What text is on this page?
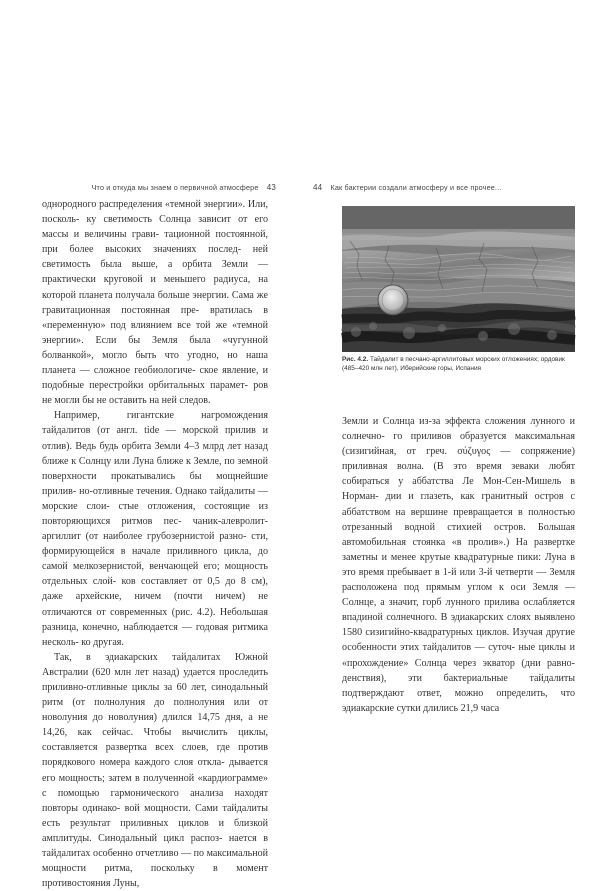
Что и откуда мы знаем о первичной атмосфере 43

однородного распределения «темной энергии». Или, посколь- ку светимость Солнца зависит от его массы и величины грави- тационной постоянной, при более высоких значениях послед- ней светимость была выше, а орбита Земли — практически круговой и меньшего радиуса, на которой планета получала больше энергии. Сама же гравитационная постоянная пре- вратилась в «переменную» под влиянием все той же «темной энергии». Если бы Земля была «чугунной болванкой», могло быть что угодно, но наша планета — сложное геобиологиче- ское явление, и подобные перестройки орбитальных парамет- ров не могли бы не оставить на ней следов.

Например, гигантские нагромождения тайдалитов (от англ. tide — морской прилив и отлив). Ведь будь орбита Земли 4–3 млрд лет назад ближе к Солнцу или Луна ближе к Земле, по земной поверхности прокатывались бы мощнейшие прилив- но-отливные течения. Однако тайдалиты — морские слои- стые отложения, состоящие из повторяющихся ритмов пес- чаник-алевролит-аргиллит (от наиболее грубозернистой разно- сти, формирующейся в начале приливного цикла, до самой мелкозернистой, венчающей его; мощность отдельных слой- ков составляет от 0,5 до 8 см), даже архейские, ничем (почти ничем) не отличаются от современных (рис. 4.2). Небольшая разница, конечно, наблюдается — годовая ритмика несколь- ко другая.

Так, в эдиакарских тайдалитах Южной Австралии (620 млн лет назад) удается проследить приливно-отливные циклы за 60 лет, синодальный ритм (от полнолуния до полнолуния или от новолуния до новолуния) длился 14,75 дня, а не 14,26, как сейчас. Чтобы вычислить циклы, составляется развертка всех слоев, где против порядкового номера каждого слоя откла- дывается его мощность; затем в полученной «кардиограмме» с помощью гармонического анализа находят повторы одинако- вой мощности. Сами тайдалиты есть результат приливных циклов и близкой амплитуды. Синодальный цикл распоз- нается в тайдалитах особенно отчетливо — по максимальной мощности ритма, поскольку в момент противостояния Луны,

44 Как бактерии создали атмосферу и все прочее...
Рис. 4.2. Тайдалит в песчано-аргиллитовых морских отложениях; ордовик (485–420 млн лет), Иберийские горы, Испания

Земли и Солнца из-за эффекта сложения лунного и солнечно- го приливов образуется максимальная (сизигийная, от греч. σύζυγος — сопряжение) приливная волна. (В это время зеваки любят собираться у аббатства Ле Мон-Сен-Мишель в Норман- дии и глазеть, как гранитный остров с аббатством на вершине превращается в полностью отрезанный водной стихией остров. Большая автомобильная стоянка «в пролив».) На развертке заметны и менее крутые квадратурные пики: Луна в это время пребывает в 1-й или 3-й четверти — Земля расположена под прямым углом к оси Земля — Солнце, а значит, горб лунного прилива ослабляется впадиной солнечного. В эдиакарских слоях выявлено 1580 сизигийно-квадратурных циклов. Изучая другие особенности этих тайдалитов — суточ- ные циклы и «прохождение» Солнца через экватор (дни равно- денствия), эти бактериальные тайдалиты подтверждают ответ, можно определить, что эдиакарские сутки длились 21,9 часа
